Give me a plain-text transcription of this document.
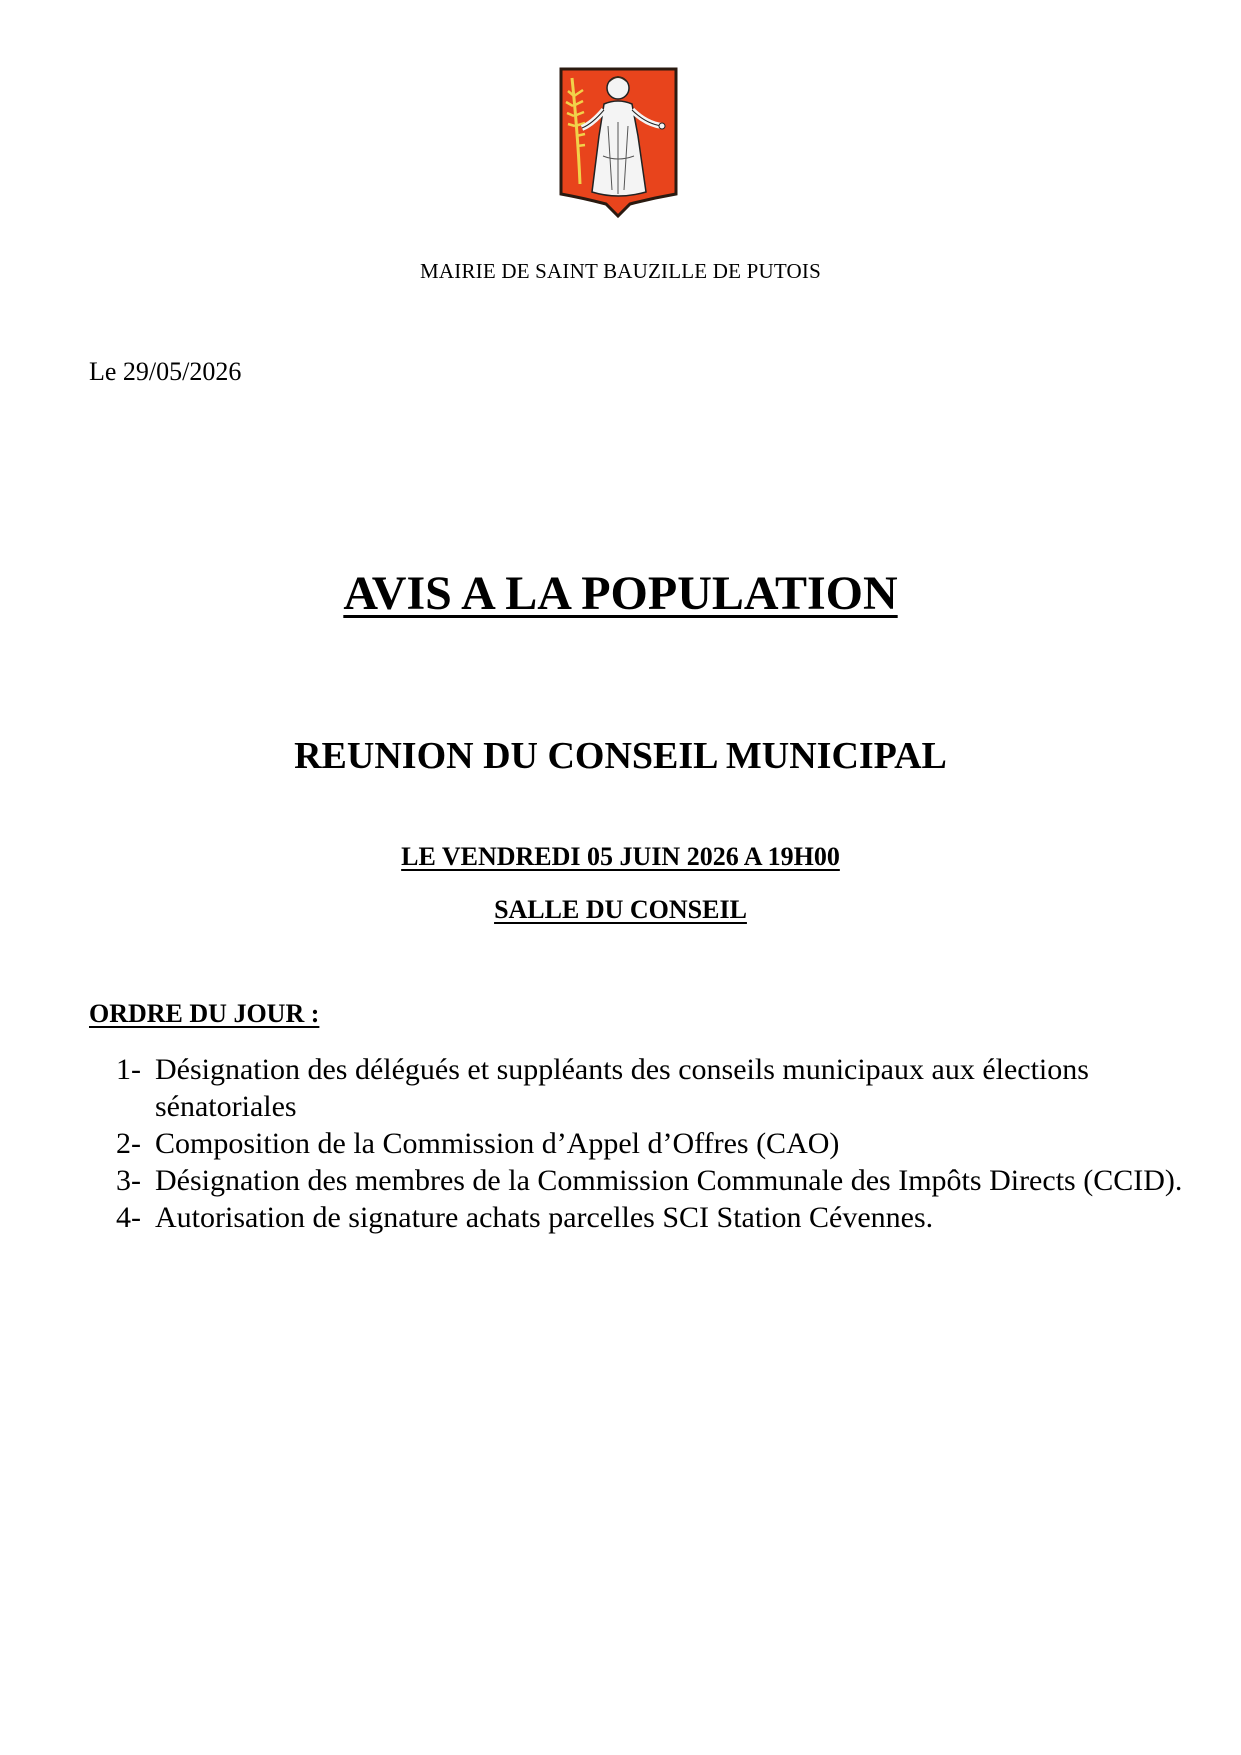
MAIRIE DE SAINT BAUZILLE DE PUTOIS
Le 29/05/2026
AVIS A LA POPULATION
REUNION DU CONSEIL MUNICIPAL
LE VENDREDI 05 JUIN 2026 A 19H00
SALLE DU CONSEIL
ORDRE DU JOUR :
1- Désignation des délégués et suppléants des conseils municipaux aux élections sénatoriales
2- Composition de la Commission d’Appel d’Offres (CAO)
3- Désignation des membres de la Commission Communale des Impôts Directs (CCID).
4- Autorisation de signature achats parcelles SCI Station Cévennes.
